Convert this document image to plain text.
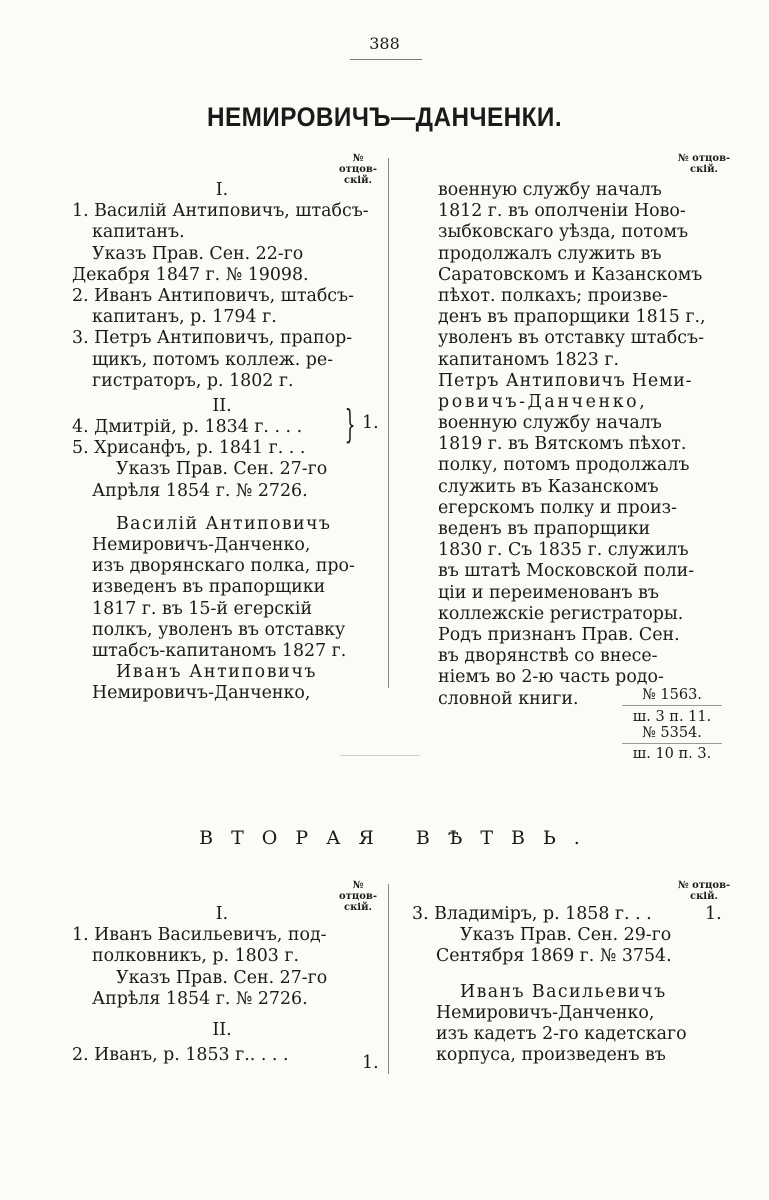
388
НЕМИРОВИЧЪ—ДАНЧЕНКИ.
№ отцов-
скій.
№ отцов-
скій.
I.
1. Василій Антиповичъ, штабсъ-
капитанъ.
Указъ Прав. Сен. 22-го
Декабря 1847 г. № 19098.
2. Иванъ Антиповичъ, штабсъ-
капитанъ, р. 1794 г.
3. Петръ Антиповичъ, прапор-
щикъ, потомъ коллеж. ре-
гистраторъ, р. 1802 г.
II.
4. Дмитрій, р. 1834 г. . . .
5. Хрисанфъ, р. 1841 г. . .
Указъ Прав. Сен. 27-го
Апрѣля 1854 г. № 2726.
Василій Антиповичъ
Немировичъ-Данченко,
изъ дворянскаго полка, про-
изведенъ въ прапорщики
1817 г. въ 15-й егерскій
полкъ, уволенъ въ отставку
штабсъ-капитаномъ 1827 г.
Иванъ Антиповичъ
Немировичъ-Данченко,
} 1.
военную службу началъ
1812 г. въ ополченіи Ново-
зыбковскаго уѣзда, потомъ
продолжалъ служить въ
Саратовскомъ и Казанскомъ
пѣхот. полкахъ; произве-
денъ въ прапорщики 1815 г.,
уволенъ въ отставку штабсъ-
капитаномъ 1823 г.
Петръ Антиповичъ Неми-
ровичъ-Данченко,
военную службу началъ
1819 г. въ Вятскомъ пѣхот.
полку, потомъ продолжалъ
служить въ Казанскомъ
егерскомъ полку и произ-
веденъ въ прапорщики
1830 г. Съ 1835 г. служилъ
въ штатѣ Московской поли-
ціи и переименованъ въ
коллежскіе регистраторы.
Родъ признанъ Прав. Сен.
въ дворянствѣ со внесе-
ніемъ во 2-ю часть родо-
словной книги.	№ 1563.
ш. 3 п. 11.
№ 5354.
ш. 10 п. 3.
ВТОРАЯ ВѢТВЬ.
№ отцов-
скій.
№ отцов-
скій.
I.
1. Иванъ Васильевичъ, под-
полковникъ, р. 1803 г.
Указъ Прав. Сен. 27-го
Апрѣля 1854 г. № 2726.
II.
2. Иванъ, р. 1853 г.. . . .	1.
3. Владиміръ, р. 1858 г. . .
Указъ Прав. Сен. 29-го
Сентября 1869 г. № 3754.
Иванъ Васильевичъ
Немировичъ-Данченко,
изъ кадетъ 2-го кадетскаго
корпуса, произведенъ въ
1.
